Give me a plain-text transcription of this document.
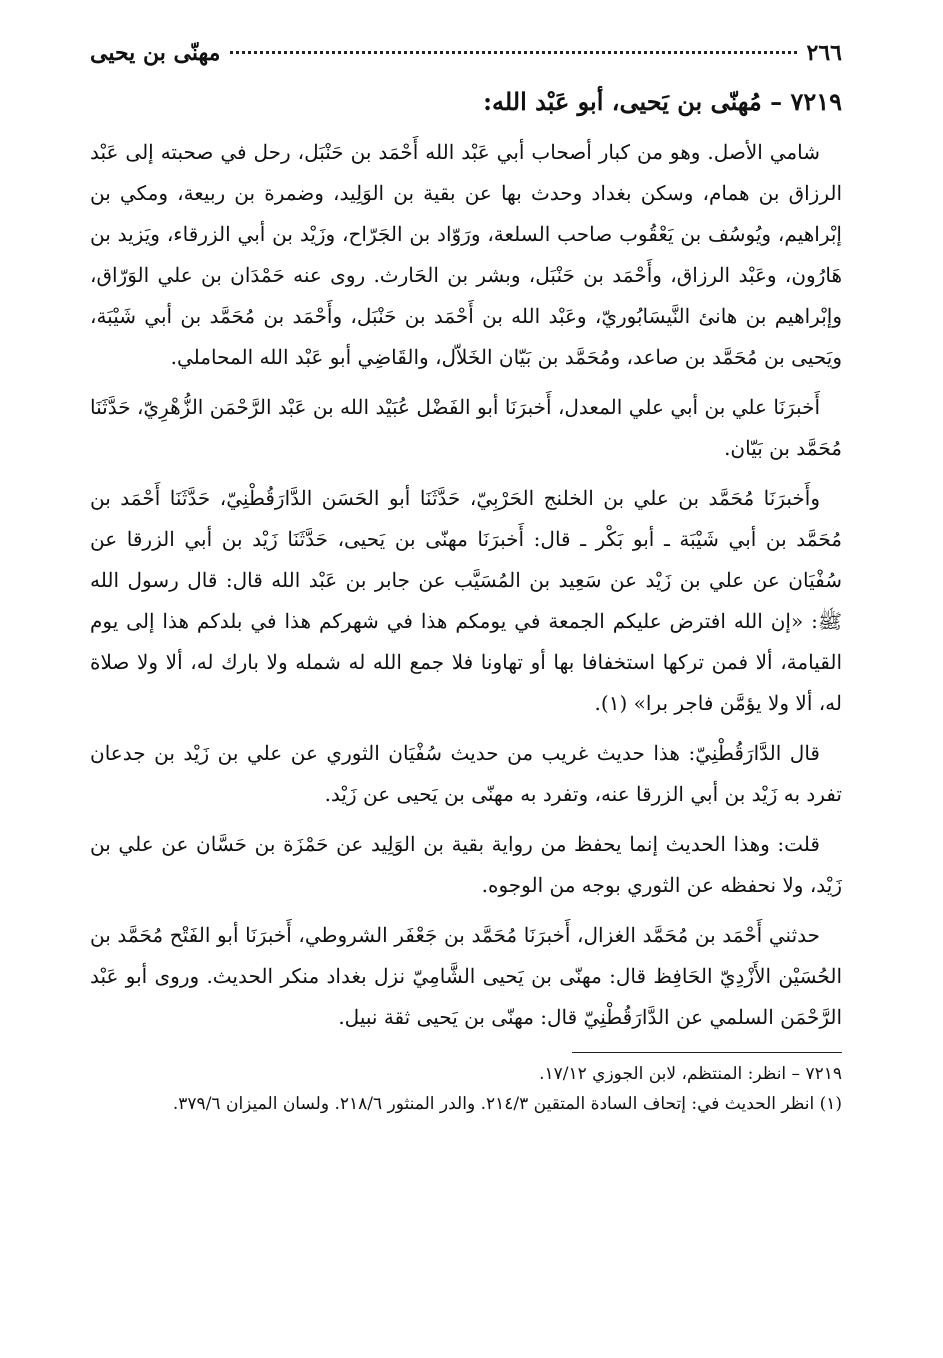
٢٦٦
مهنّى بن يحيى
٧٢١٩ – مُهنّى بن يَحيى، أبو عَبْد الله:

شامي الأصل. وهو من كبار أصحاب أبي عَبْد الله أَحْمَد بن حَنْبَل، رحل في صحبته إلى عَبْد الرزاق بن همام، وسكن بغداد وحدث بها عن بقية بن الوَلِيد، وضمرة بن ربيعة، ومكي بن إبْراهيم، ويُوسُف بن يَعْقُوب صاحب السلعة، ورَوّاد بن الجَرّاح، وزَيْد بن أبي الزرقاء، ويَزيد بن هَارُون، وعَبْد الرزاق، وأَحْمَد بن حَنْبَل، وبشر بن الحَارث. روى عنه حَمْدَان بن علي الوَرّاق، وإبْراهيم بن هانئ النَّيسَابُوريّ، وعَبْد الله بن أَحْمَد بن حَنْبَل، وأَحْمَد بن مُحَمَّد بن أبي شَيْبَة، ويَحيى بن مُحَمَّد بن صاعد، ومُحَمَّد بن بَيّان الخَلاّل، والقَاضِي أبو عَبْد الله المحاملي.

أَخبرَنَا علي بن أبي علي المعدل، أَخبرَنَا أبو الفَضْل عُبَيْد الله بن عَبْد الرَّحْمَن الزُّهْرِيّ، حَدَّثَنَا مُحَمَّد بن بَيّان.

وأَخبرَنَا مُحَمَّد بن علي بن الخلنج الحَرْبِيّ، حَدَّثَنَا أبو الحَسَن الدَّارَقُطْنِيّ، حَدَّثَنَا أَحْمَد بن مُحَمَّد بن أبي شَيْبَة ـ أبو بَكْر ـ قال: أَخبرَنَا مهنّى بن يَحيى، حَدَّثَنَا زَيْد بن أبي الزرقا عن سُفْيَان عن علي بن زَيْد عن سَعِيد بن المُسَيَّب عن جابر بن عَبْد الله قال: قال رسول الله ﷺ: «إن الله افترض عليكم الجمعة في يومكم هذا في شهركم هذا في بلدكم هذا إلى يوم القيامة، ألا فمن تركها استخفافا بها أو تهاونا فلا جمع الله له شمله ولا بارك له، ألا ولا صلاة له، ألا ولا يؤمَّن فاجر برا» (١).

قال الدَّارَقُطْنِيّ: هذا حديث غريب من حديث سُفْيَان الثوري عن علي بن زَيْد بن جدعان تفرد به زَيْد بن أبي الزرقا عنه، وتفرد به مهنّى بن يَحيى عن زَيْد.

قلت: وهذا الحديث إنما يحفظ من رواية بقية بن الوَلِيد عن حَمْزَة بن حَسَّان عن علي بن زَيْد، ولا نحفظه عن الثوري بوجه من الوجوه.

حدثني أَحْمَد بن مُحَمَّد الغزال، أَخبرَنَا مُحَمَّد بن جَعْفَر الشروطي، أَخبرَنَا أبو الفَتْح مُحَمَّد بن الحُسَيْن الأَزْدِيّ الحَافِظ قال: مهنّى بن يَحيى الشَّامِيّ نزل بغداد منكر الحديث. وروى أبو عَبْد الرَّحْمَن السلمي عن الدَّارَقُطْنِيّ قال: مهنّى بن يَحيى ثقة نبيل.

٧٢١٩ – انظر: المنتظم، لابن الجوزي ١٧/١٢.
(١) انظر الحديث في: إتحاف السادة المتقين ٢١٤/٣. والدر المنثور ٢١٨/٦. ولسان الميزان ٣٧٩/٦.
